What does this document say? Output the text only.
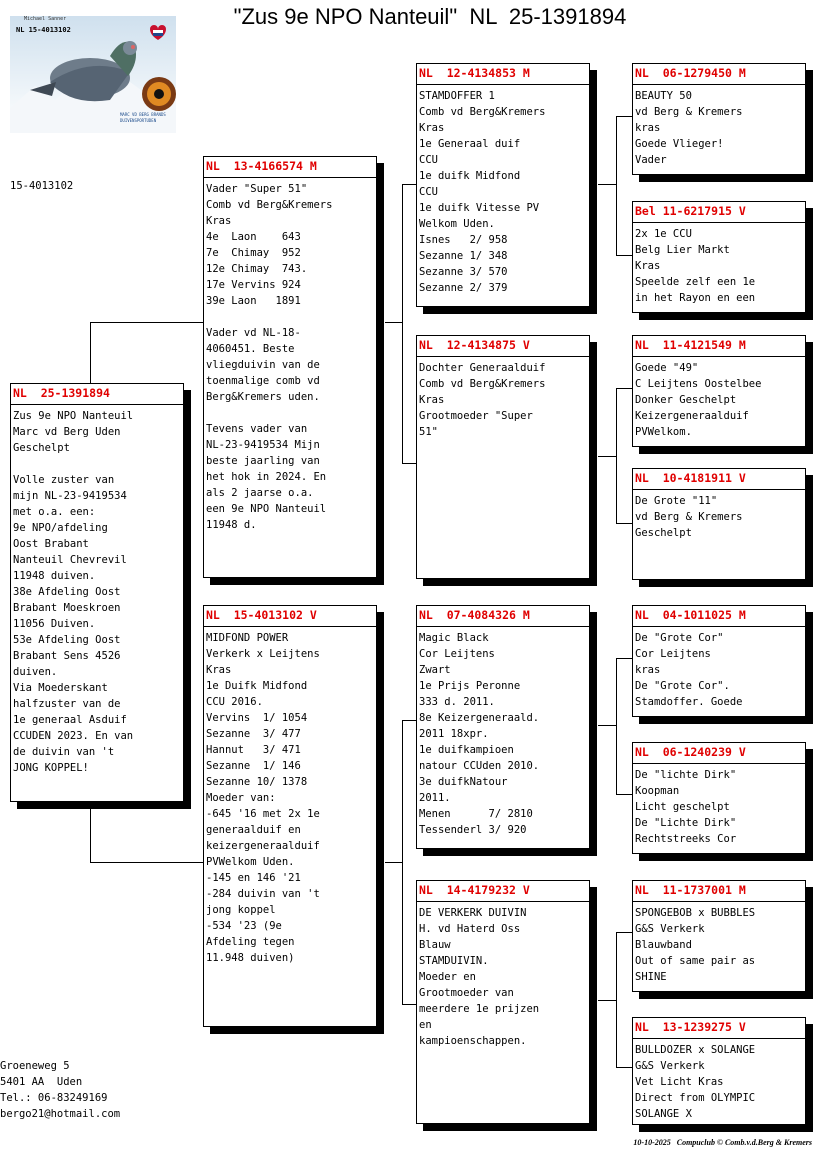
"Zus 9e NPO Nanteuil"  NL  25-1391894
Michael Sanner
NL 15-4013102
MARC VD BERG BRANDS
DUIVENSPORTUDEN
15-4013102
NL  25-1391894
Zus 9e NPO Nanteuil
Marc vd Berg Uden
Geschelpt

Volle zuster van
mijn NL-23-9419534
met o.a. een:
9e NPO/afdeling
Oost Brabant
Nanteuil Chevrevil
11948 duiven.
38e Afdeling Oost
Brabant Moeskroen
11056 Duiven.
53e Afdeling Oost
Brabant Sens 4526
duiven.
Via Moederskant
halfzuster van de
1e generaal Asduif
CCUDEN 2023. En van
de duivin van 't
JONG KOPPEL!
NL  13-4166574 M
Vader "Super 51"
Comb vd Berg&Kremers
Kras
4e  Laon    643
7e  Chimay  952
12e Chimay  743.
17e Vervins 924
39e Laon   1891

Vader vd NL-18-
4060451. Beste
vliegduivin van de
toenmalige comb vd
Berg&Kremers uden.

Tevens vader van
NL-23-9419534 Mijn
beste jaarling van
het hok in 2024. En
als 2 jaarse o.a.
een 9e NPO Nanteuil
11948 d.
NL  15-4013102 V
MIDFOND POWER
Verkerk x Leijtens
Kras
1e Duifk Midfond
CCU 2016.
Vervins  1/ 1054
Sezanne  3/ 477
Hannut   3/ 471
Sezanne  1/ 146
Sezanne 10/ 1378
Moeder van:
-645 '16 met 2x 1e
generaalduif en
keizergeneraalduif
PVWelkom Uden.
-145 en 146 '21
-284 duivin van 't
jong koppel
-534 '23 (9e
Afdeling tegen
11.948 duiven)
NL  12-4134853 M
STAMDOFFER 1
Comb vd Berg&Kremers
Kras
1e Generaal duif
CCU
1e duifk Midfond
CCU
1e duifk Vitesse PV
Welkom Uden.
Isnes   2/ 958
Sezanne 1/ 348
Sezanne 3/ 570
Sezanne 2/ 379
NL  12-4134875 V
Dochter Generaalduif
Comb vd Berg&Kremers
Kras
Grootmoeder "Super
51"
NL  07-4084326 M
Magic Black
Cor Leijtens
Zwart
1e Prijs Peronne
333 d. 2011.
8e Keizergeneraald.
2011 18xpr.
1e duifkampioen
natour CCUden 2010.
3e duifkNatour
2011.
Menen      7/ 2810
Tessenderl 3/ 920
NL  14-4179232 V
DE VERKERK DUIVIN
H. vd Haterd Oss
Blauw
STAMDUIVIN.
Moeder en
Grootmoeder van
meerdere 1e prijzen
en
kampioenschappen.
NL  06-1279450 M
BEAUTY 50
vd Berg & Kremers
kras
Goede Vlieger!
Vader
Bel 11-6217915 V
2x 1e CCU
Belg Lier Markt
Kras
Speelde zelf een 1e
in het Rayon en een
NL  11-4121549 M
Goede "49"
C Leijtens Oostelbee
Donker Geschelpt
Keizergeneraalduif
PVWelkom.
NL  10-4181911 V
De Grote "11"
vd Berg & Kremers
Geschelpt
NL  04-1011025 M
De "Grote Cor"
Cor Leijtens
kras
De "Grote Cor".
Stamdoffer. Goede
NL  06-1240239 V
De "lichte Dirk"
Koopman
Licht geschelpt
De "Lichte Dirk"
Rechtstreeks Cor
NL  11-1737001 M
SPONGEBOB x BUBBLES
G&S Verkerk
Blauwband
Out of same pair as
SHINE
NL  13-1239275 V
BULLDOZER x SOLANGE
G&S Verkerk
Vet Licht Kras
Direct from OLYMPIC
SOLANGE X
Groeneweg 5
5401 AA  Uden
Tel.: 06-83249169
bergo21@hotmail.com
10-10-2025 Compuclub © Comb.v.d.Berg & Kremers
